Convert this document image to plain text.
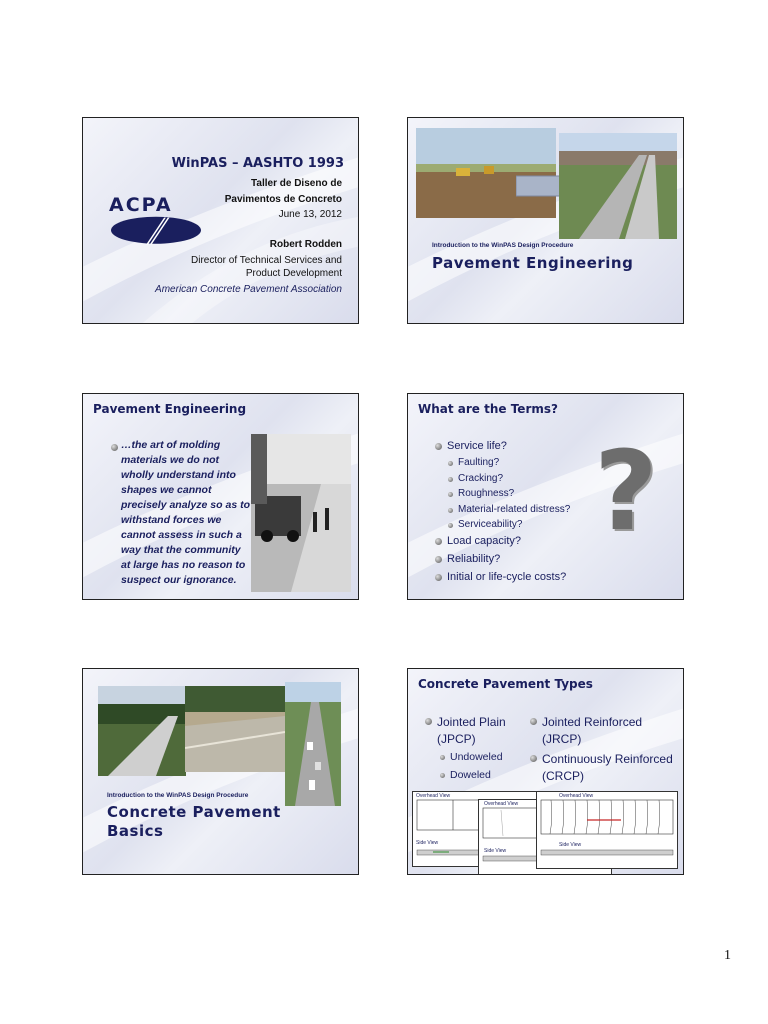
WinPAS – AASHTO 1993
Taller de Diseno de
Pavimentos de Concreto
June 13, 2012
Robert Rodden
Director of Technical Services and
Product Development
American Concrete Pavement Association
ACPA
Introduction to the WinPAS Design Procedure
Pavement Engineering
Pavement Engineering
…the art of molding
materials we do not
wholly understand into
shapes we cannot
precisely analyze so as to
withstand forces we
cannot assess in such a
way that the community
at large has no reason to
suspect our ignorance.
What are the Terms?
Service life?
Faulting?
Cracking?
Roughness?
Material-related distress?
Serviceability?
Load capacity?
Reliability?
Initial or life-cycle costs?
?
Introduction to the WinPAS Design Procedure
Concrete Pavement
Basics
Concrete Pavement Types
Jointed Plain
(JPCP)
Undoweled
Doweled
Jointed Reinforced
(JRCP)
Continuously Reinforced
(CRCP)
Overhead View
Side View
Overhead View
Side View
Overhead View
Side View
1
